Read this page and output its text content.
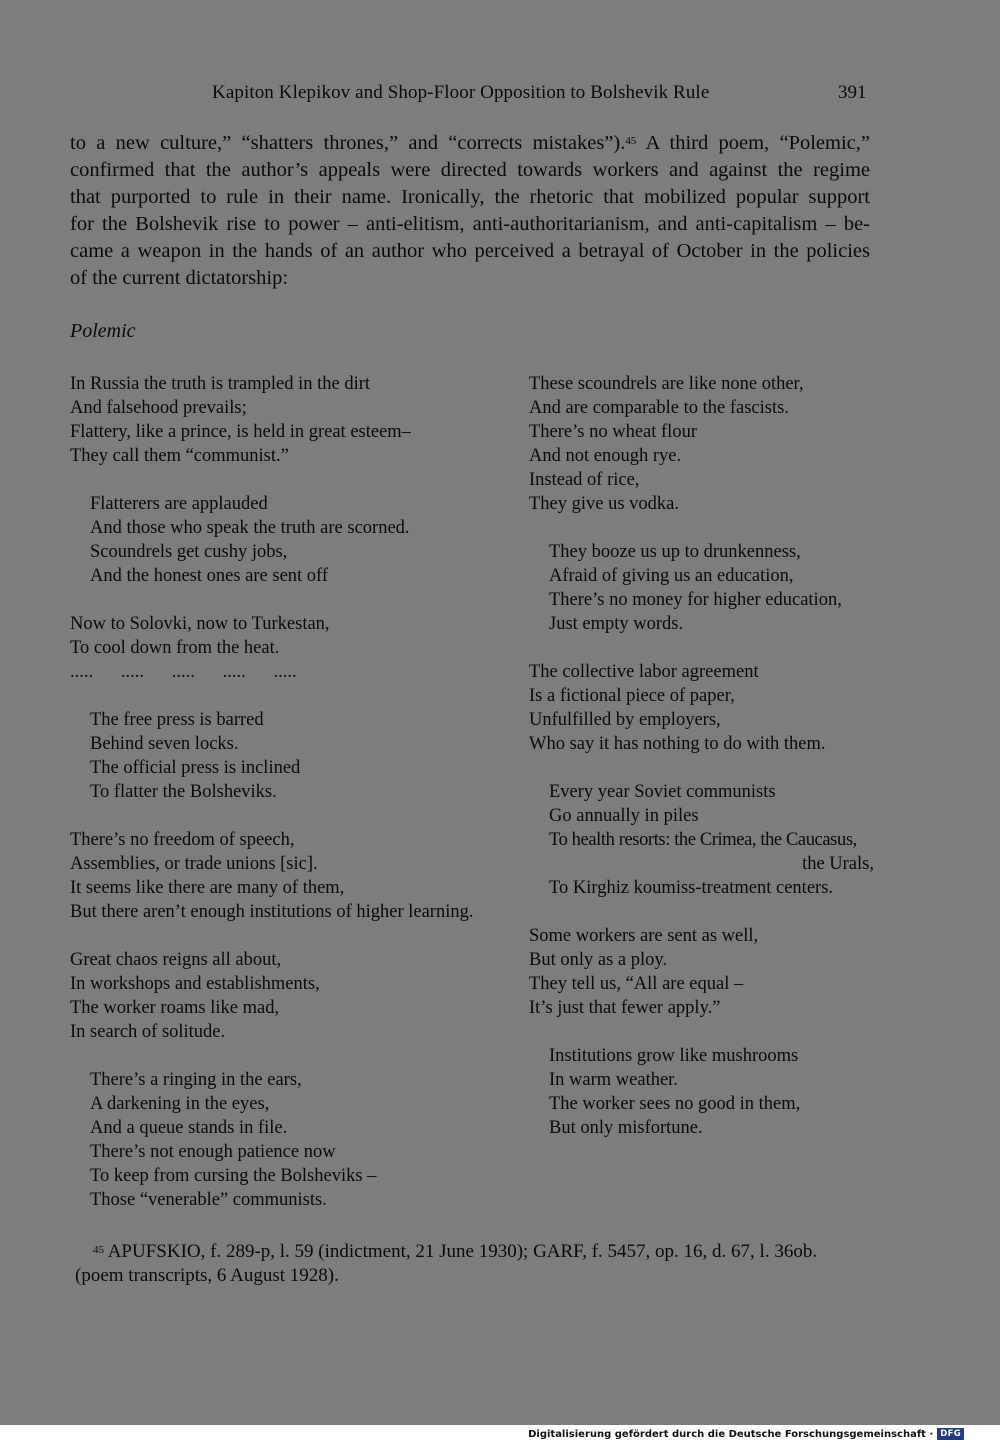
Kapiton Klepikov and Shop-Floor Opposition to Bolshevik Rule	391
to a new culture,” “shatters thrones,” and “corrects mistakes”).$^{45}$ A third poem, “Polemic,”
confirmed that the author’s appeals were directed towards workers and against the regime
that purported to rule in their name. Ironically, the rhetoric that mobilized popular support
for the Bolshevik rise to power – anti-elitism, anti-authoritarianism, and anti-capitalism – be-
came a weapon in the hands of an author who perceived a betrayal of October in the policies
of the current dictatorship:
Polemic
In Russia the truth is trampled in the dirt
And falsehood prevails;
Flattery, like a prince, is held in great esteem–
They call them “communist.”
Flatterers are applauded
And those who speak the truth are scorned.
Scoundrels get cushy jobs,
And the honest ones are sent off
Now to Solovki, now to Turkestan,
To cool down from the heat.
.....      .....      .....      .....      .....
The free press is barred
Behind seven locks.
The official press is inclined
To flatter the Bolsheviks.
There’s no freedom of speech,
Assemblies, or trade unions [sic].
It seems like there are many of them,
But there aren’t enough institutions of higher learning.
Great chaos reigns all about,
In workshops and establishments,
The worker roams like mad,
In search of solitude.
There’s a ringing in the ears,
A darkening in the eyes,
And a queue stands in file.
There’s not enough patience now
To keep from cursing the Bolsheviks –
Those “venerable” communists.
These scoundrels are like none other,
And are comparable to the fascists.
There’s no wheat flour
And not enough rye.
Instead of rice,
They give us vodka.
They booze us up to drunkenness,
Afraid of giving us an education,
There’s no money for higher education,
Just empty words.
The collective labor agreement
Is a fictional piece of paper,
Unfulfilled by employers,
Who say it has nothing to do with them.
Every year Soviet communists
Go annually in piles
To health resorts: the Crimea, the Caucasus,
the Urals,
To Kirghiz koumiss-treatment centers.
Some workers are sent as well,
But only as a ploy.
They tell us, “All are equal –
It’s just that fewer apply.”
Institutions grow like mushrooms
In warm weather.
The worker sees no good in them,
But only misfortune.
$^{45}$ APUFSKIO, f. 289-p, l. 59 (indictment, 21 June 1930); GARF, f. 5457, op. 16, d. 67, l. 36ob.
(poem transcripts, 6 August 1928).
Digitalisierung gefördert durch die Deutsche Forschungsgemeinschaft · DFG
